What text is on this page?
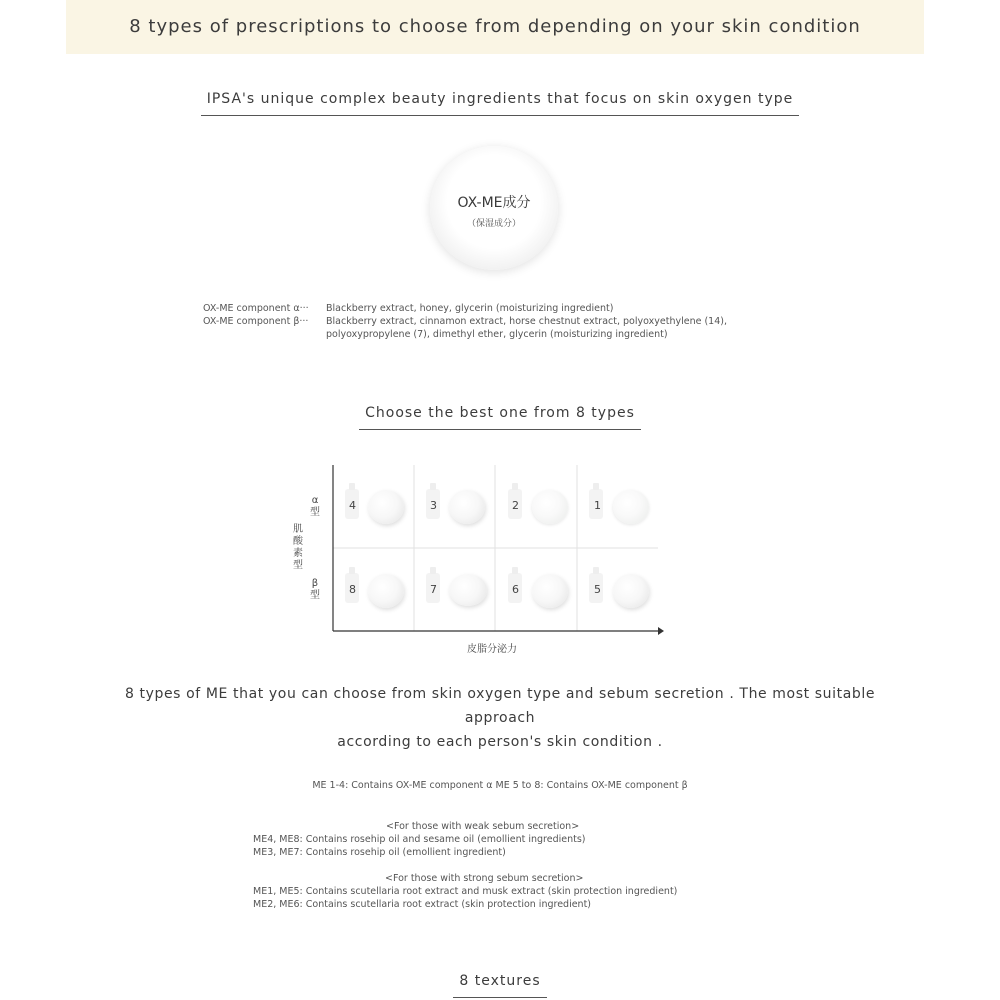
8 types of prescriptions to choose from depending on your skin condition
IPSA's unique complex beauty ingredients that focus on skin oxygen type
OX-ME成分
（保湿成分）
OX-ME component α···	Blackberry extract, honey, glycerin (moisturizing ingredient)
OX-ME component β···	Blackberry extract, cinnamon extract, horse chestnut extract, polyoxyethylene (14),
polyoxypropylene (7), dimethyl ether, glycerin (moisturizing ingredient)
Choose the best one from 8 types
α型
β型
肌酸素型
皮脂分泌力
4	3	2	1
8	7	6	5
8 types of ME that you can choose from skin oxygen type and sebum secretion . The most suitable
approach
according to each person's skin condition .
ME 1-4: Contains OX-ME component α ME 5 to 8: Contains OX-ME component β
<For those with weak sebum secretion>
ME4, ME8: Contains rosehip oil and sesame oil (emollient ingredients)
ME3, ME7: Contains rosehip oil (emollient ingredient)
<For those with strong sebum secretion>
ME1, ME5: Contains scutellaria root extract and musk extract (skin protection ingredient)
ME2, ME6: Contains scutellaria root extract (skin protection ingredient)
8 textures
